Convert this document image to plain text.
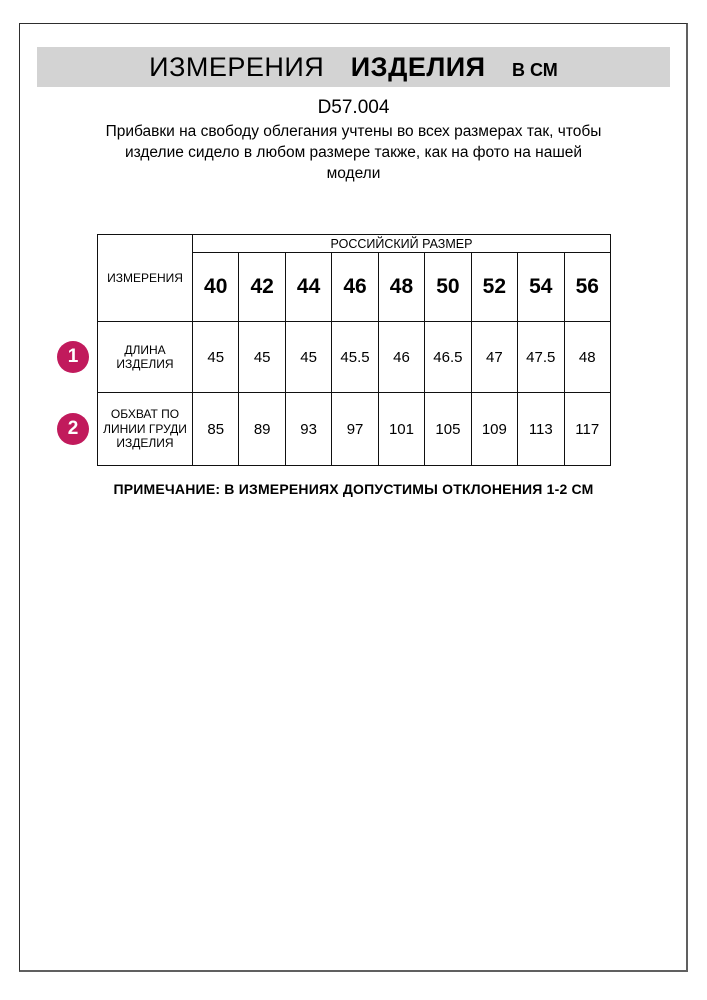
ИЗМЕРЕНИЯ ИЗДЕЛИЯ В СМ
D57.004
Прибавки на свободу облегания учтены во всех размерах так, чтобы
изделие сидело в любом размере также, как на фото на нашей
модели
ИЗМЕРЕНИЯ	РОССИЙСКИЙ РАЗМЕР								
	40	42	44	46	48	50	52	54	56
ДЛИНА ИЗДЕЛИЯ	45	45	45	45.5	46	46.5	47	47.5	48
ОБХВАТ ПО ЛИНИИ ГРУДИ ИЗДЕЛИЯ	85	89	93	97	101	105	109	113	117
1
2
ПРИМЕЧАНИЕ: В ИЗМЕРЕНИЯХ ДОПУСТИМЫ ОТКЛОНЕНИЯ 1-2 СМ
